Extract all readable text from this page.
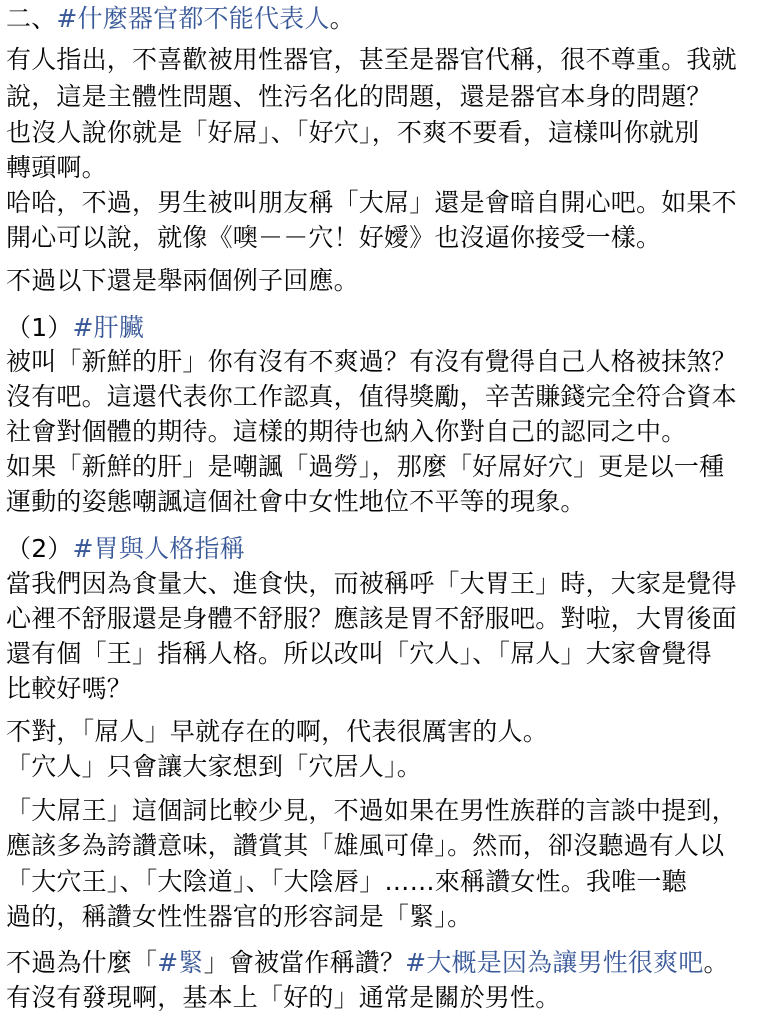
二、#什麼器官都不能代表人。
有人指出，不喜歡被用性器官，甚至是器官代稱，很不尊重。我就
說，這是主體性問題、性污名化的問題，還是器官本身的問題？
也沒人說你就是「好屌」、「好穴」，不爽不要看，這樣叫你就別
轉頭啊。
哈哈，不過，男生被叫朋友稱「大屌」還是會暗自開心吧。如果不
開心可以說，就像《噢－－穴！好嬡》也沒逼你接受一樣。
不過以下還是舉兩個例子回應。
（1）#肝臟
被叫「新鮮的肝」你有沒有不爽過？有沒有覺得自己人格被抹煞？
沒有吧。這還代表你工作認真，值得獎勵，辛苦賺錢完全符合資本
社會對個體的期待。這樣的期待也納入你對自己的認同之中。
如果「新鮮的肝」是嘲諷「過勞」，那麼「好屌好穴」更是以一種
運動的姿態嘲諷這個社會中女性地位不平等的現象。
（2）#胃與人格指稱
當我們因為食量大、進食快，而被稱呼「大胃王」時，大家是覺得
心裡不舒服還是身體不舒服？應該是胃不舒服吧。對啦，大胃後面
還有個「王」指稱人格。所以改叫「穴人」、「屌人」大家會覺得
比較好嗎？
不對，「屌人」早就存在的啊，代表很厲害的人。
「穴人」只會讓大家想到「穴居人」。
「大屌王」這個詞比較少見，不過如果在男性族群的言談中提到，
應該多為誇讚意味，讚賞其「雄風可偉」。然而，卻沒聽過有人以
「大穴王」、「大陰道」、「大陰唇」……來稱讚女性。我唯一聽
過的，稱讚女性性器官的形容詞是「緊」。
不過為什麼「#緊」會被當作稱讚？#大概是因為讓男性很爽吧。
有沒有發現啊，基本上「好的」通常是關於男性。
